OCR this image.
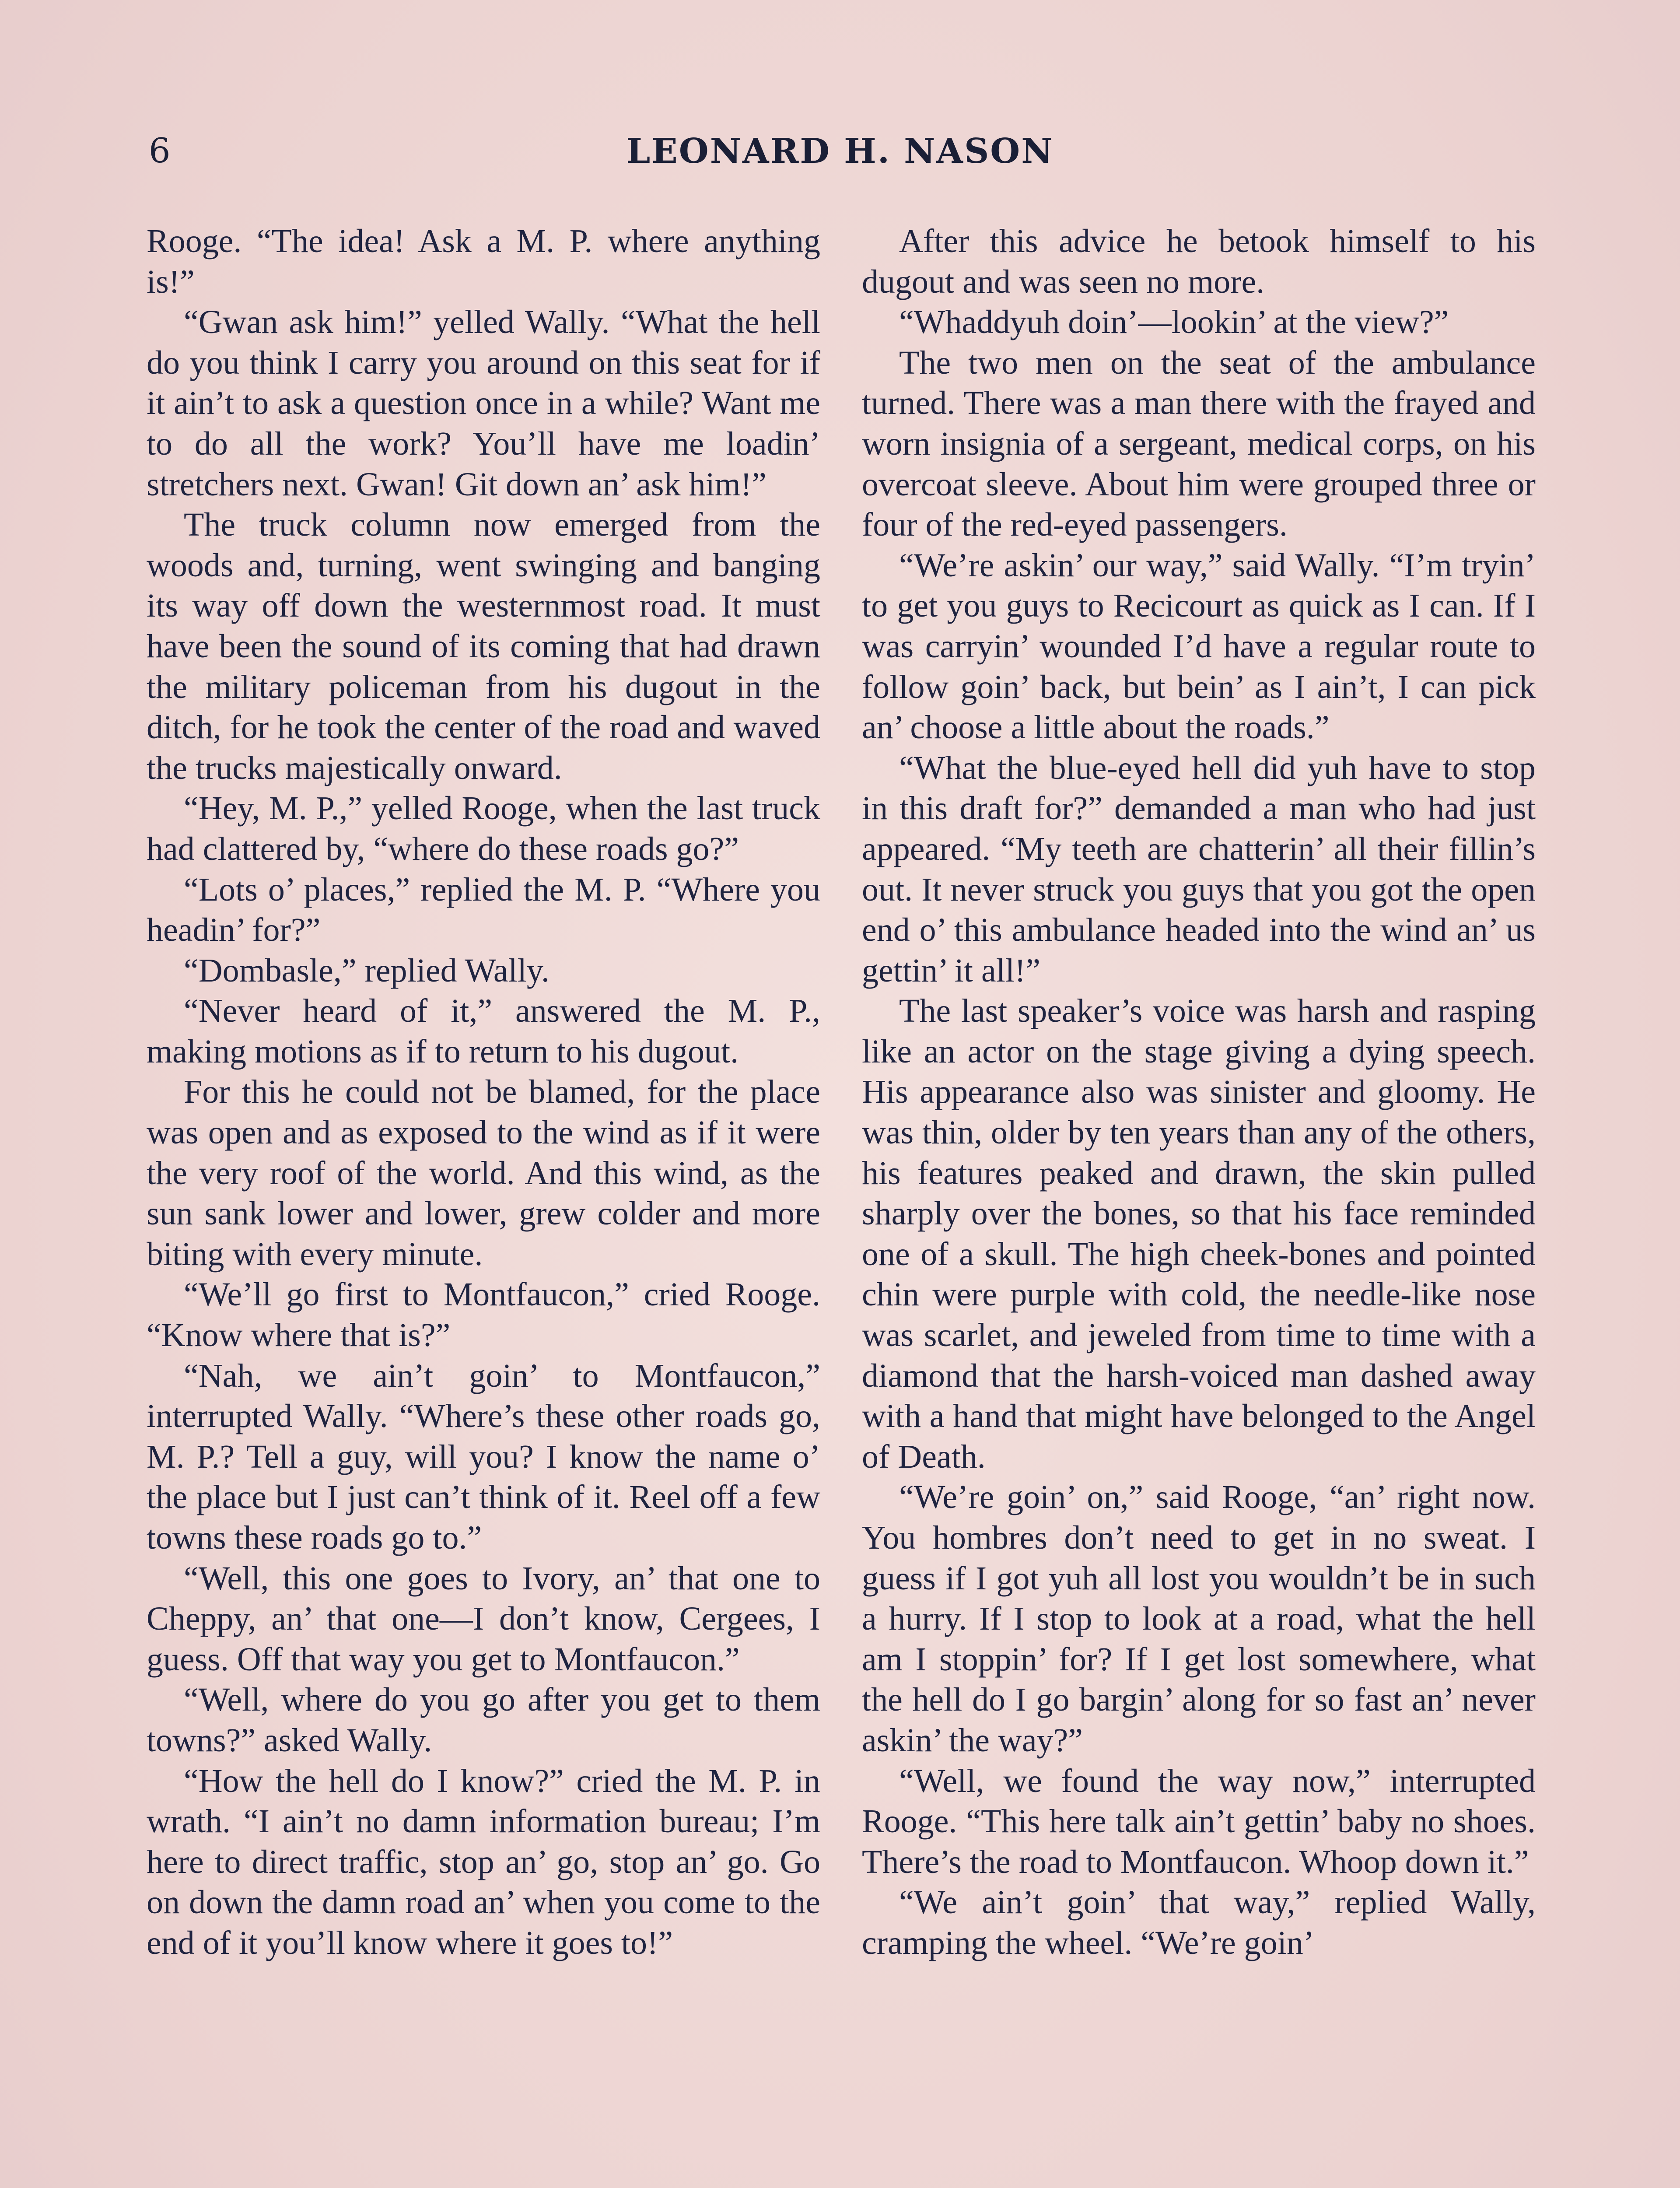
6	LEONARD H. NASON

Rooge. “The idea! Ask a M. P. where anything is!”

“Gwan ask him!” yelled Wally. “What the hell do you think I carry you around on this seat for if it ain’t to ask a question once in a while? Want me to do all the work? You’ll have me loadin’ stretchers next. Gwan! Git down an’ ask him!”

The truck column now emerged from the woods and, turning, went swinging and banging its way off down the westernmost road. It must have been the sound of its coming that had drawn the military policeman from his dugout in the ditch, for he took the center of the road and waved the trucks majestically onward.

“Hey, M. P.,” yelled Rooge, when the last truck had clattered by, “where do these roads go?”

“Lots o’ places,” replied the M. P. “Where you headin’ for?”

“Dombasle,” replied Wally.

“Never heard of it,” answered the M. P., making motions as if to return to his dugout.

For this he could not be blamed, for the place was open and as exposed to the wind as if it were the very roof of the world. And this wind, as the sun sank lower and lower, grew colder and more biting with every minute.

“We’ll go first to Montfaucon,” cried Rooge. “Know where that is?”

“Nah, we ain’t goin’ to Montfaucon,” interrupted Wally. “Where’s these other roads go, M. P.? Tell a guy, will you? I know the name o’ the place but I just can’t think of it. Reel off a few towns these roads go to.”

“Well, this one goes to Ivory, an’ that one to Cheppy, an’ that one—I don’t know, Cergees, I guess. Off that way you get to Montfaucon.”

“Well, where do you go after you get to them towns?” asked Wally.

“How the hell do I know?” cried the M. P. in wrath. “I ain’t no damn information bureau; I’m here to direct traffic, stop an’ go, stop an’ go. Go on down the damn road an’ when you come to the end of it you’ll know where it goes to!”

After this advice he betook himself to his dugout and was seen no more.

“Whaddyuh doin’—lookin’ at the view?”

The two men on the seat of the ambulance turned. There was a man there with the frayed and worn insignia of a sergeant, medical corps, on his overcoat sleeve. About him were grouped three or four of the red-eyed passengers.

“We’re askin’ our way,” said Wally. “I’m tryin’ to get you guys to Recicourt as quick as I can. If I was carryin’ wounded I’d have a regular route to follow goin’ back, but bein’ as I ain’t, I can pick an’ choose a little about the roads.”

“What the blue-eyed hell did yuh have to stop in this draft for?” demanded a man who had just appeared. “My teeth are chatterin’ all their fillin’s out. It never struck you guys that you got the open end o’ this ambulance headed into the wind an’ us gettin’ it all!”

The last speaker’s voice was harsh and rasping like an actor on the stage giving a dying speech. His appearance also was sinister and gloomy. He was thin, older by ten years than any of the others, his features peaked and drawn, the skin pulled sharply over the bones, so that his face reminded one of a skull. The high cheek-bones and pointed chin were purple with cold, the needle-like nose was scarlet, and jeweled from time to time with a diamond that the harsh-voiced man dashed away with a hand that might have belonged to the Angel of Death.

“We’re goin’ on,” said Rooge, “an’ right now. You hombres don’t need to get in no sweat. I guess if I got yuh all lost you wouldn’t be in such a hurry. If I stop to look at a road, what the hell am I stoppin’ for? If I get lost somewhere, what the hell do I go bargin’ along for so fast an’ never askin’ the way?”

“Well, we found the way now,” interrupted Rooge. “This here talk ain’t gettin’ baby no shoes. There’s the road to Montfaucon. Whoop down it.”

“We ain’t goin’ that way,” replied Wally, cramping the wheel. “We’re goin’
